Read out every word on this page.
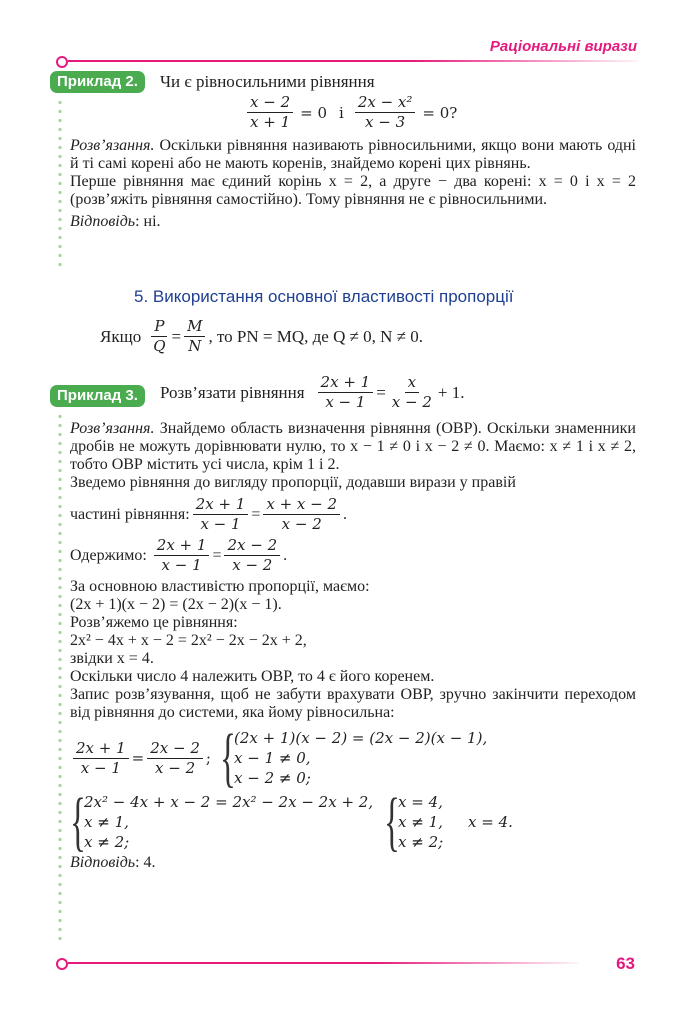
Раціональні вирази
Приклад 2.	Чи є рівносильними рівняння
$\frac{x - 2}{x + 1} = 0$ і $\frac{\text{2x − x²}}{x - 3} = 0$?
Розв’язання. Оскільки рівняння називають рівносильними, якщо вони мають одні й ті самі корені або не мають коренів, знайдемо корені цих рівнянь.
Перше рівняння має єдиний корінь x = 2, а друге − два корені: x = 0 і x = 2 (розв’яжіть рівняння самостійно). Тому рівняння не є рівносильними.
Відповідь: ні.
5. Використання основної властивості пропорції
Якщо $\frac{P}{Q} = \frac{M}{N}$ , то PN = MQ, де Q ≠ 0, N ≠ 0.
Приклад 3.	Розв’язати рівняння $\frac{2x + 1}{x - 1} = \frac{x}{x - 2} + 1$.
Розв’язання. Знайдемо область визначення рівняння (ОВР). Оскільки знаменники дробів не можуть дорівнювати нулю, то x − 1 ≠ 0 і x − 2 ≠ 0. Маємо: x ≠ 1 і x ≠ 2, тобто ОВР містить усі числа, крім 1 і 2.
Зведемо рівняння до вигляду пропорції, додавши вирази у правій
частині рівняння: $\frac{2x + 1}{x - 1} = \frac{x + x - 2}{x - 2}$ .
Одержимо: $\frac{2x + 1}{x - 1} = \frac{2x - 2}{x - 2}$ .
За основною властивістю пропорції, маємо:
(2x + 1)(x − 2) = (2x − 2)(x − 1).
Розв’яжемо це рівняння:
2x² − 4x + x − 2 = 2x² − 2x − 2x + 2,
звідки x = 4.
Оскільки число 4 належить ОВР, то 4 є його коренем.
Запис розв’язування, щоб не забути врахувати ОВР, зручно закінчити переходом від рівняння до системи, яка йому рівносильна:
$\frac{2x + 1}{x - 1} = \frac{2x - 2}{x - 2}$ ; {
(2x + 1)(x − 2) = (2x − 2)(x − 1),
x − 1 ≠ 0,
x − 2 ≠ 0;
{
2x² − 4x + x − 2 = 2x² − 2x − 2x + 2,
x ≠ 1,
x ≠ 2;	{
x = 4,
x ≠ 1,
x ≠ 2;
x = 4.
Відповідь: 4.
63
